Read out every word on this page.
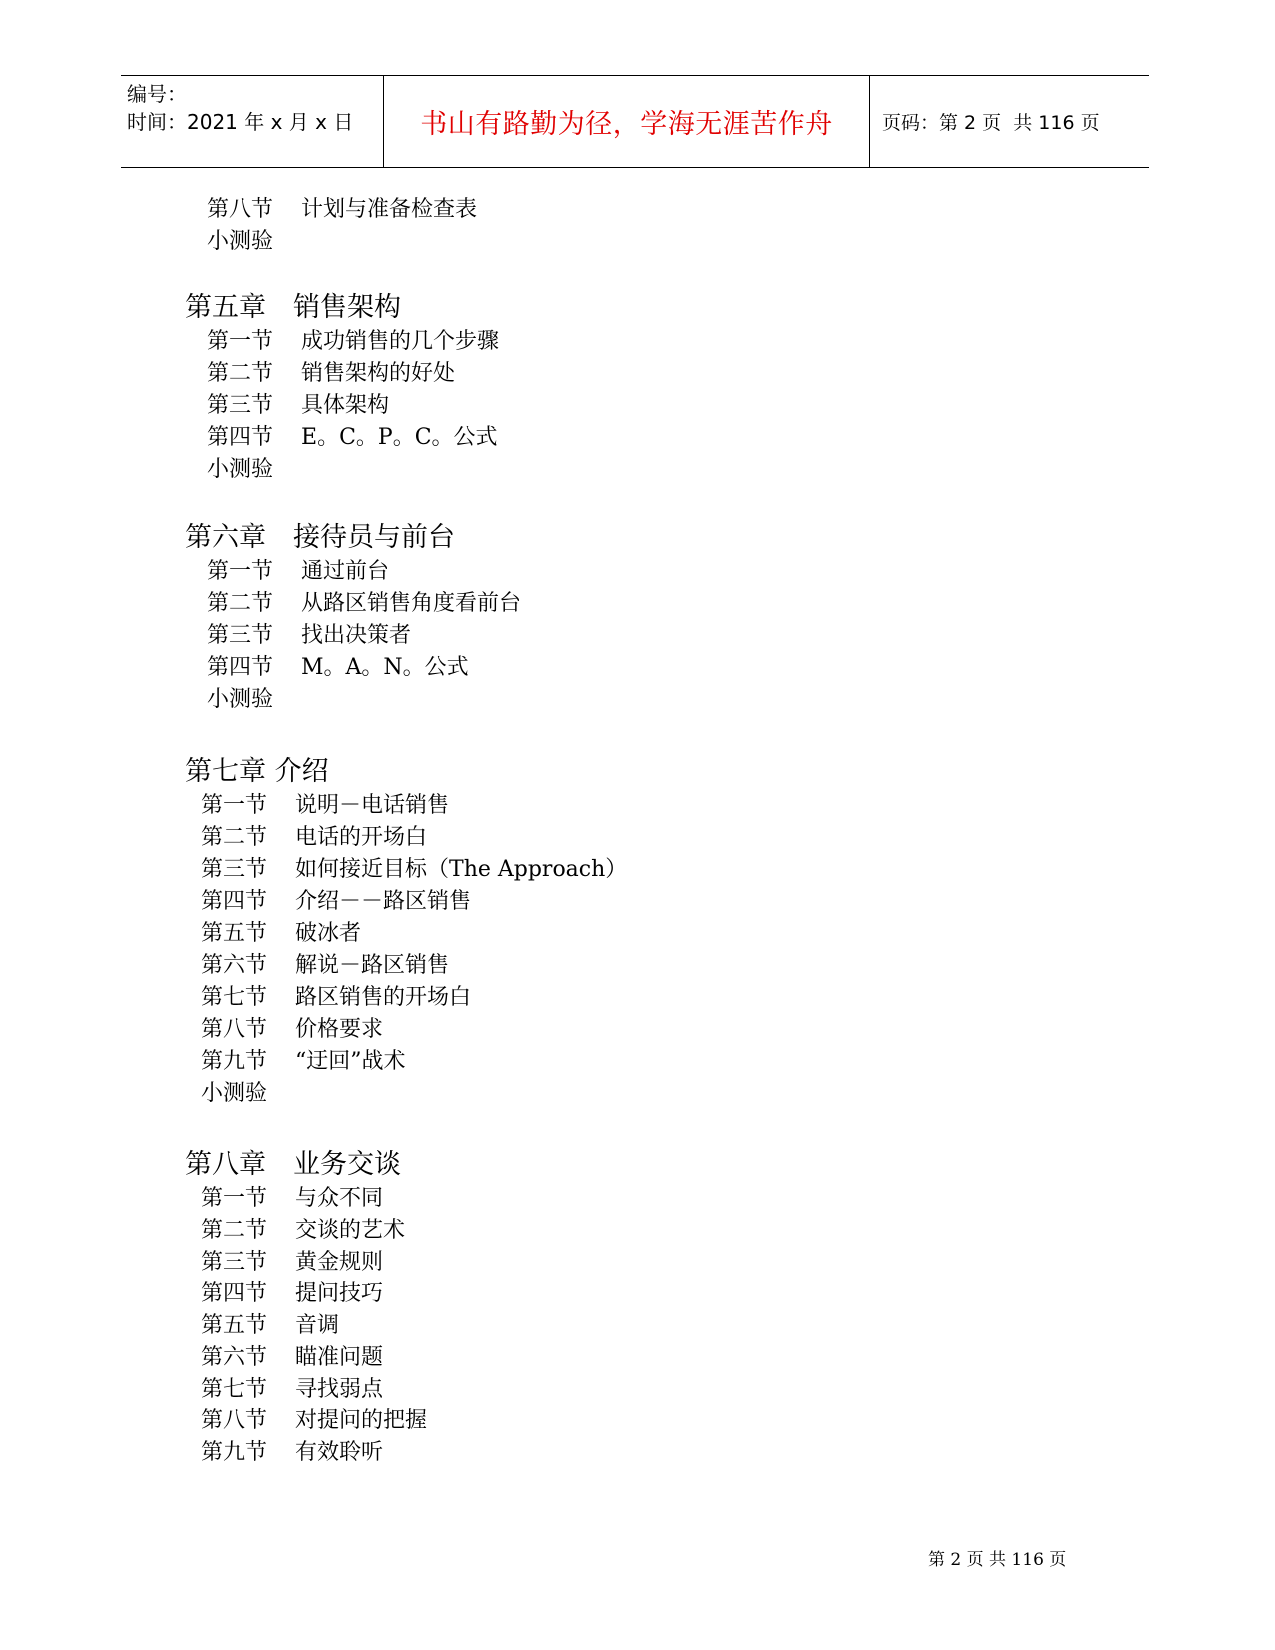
编号：
时间：2021 年 x 月 x 日	书山有路勤为径，学海无涯苦作舟	页码：第 2 页  共 116 页
第八节 计划与准备检查表
小测验
第五章　销售架构
第一节 成功销售的几个步骤
第二节 销售架构的好处
第三节 具体架构
第四节 E。C。P。C。公式
小测验
第六章　接待员与前台
第一节 通过前台
第二节 从路区销售角度看前台
第三节 找出决策者
第四节 M。A。N。公式
小测验
第七章 介绍
第一节 说明－电话销售
第二节 电话的开场白
第三节 如何接近目标（The Approach）
第四节 介绍－－路区销售
第五节 破冰者
第六节 解说－路区销售
第七节 路区销售的开场白
第八节 价格要求
第九节 “迂回”战术
小测验
第八章　业务交谈
第一节 与众不同
第二节 交谈的艺术
第三节 黄金规则
第四节 提问技巧
第五节 音调
第六节 瞄准问题
第七节 寻找弱点
第八节 对提问的把握
第九节 有效聆听
第 2 页 共 116 页
